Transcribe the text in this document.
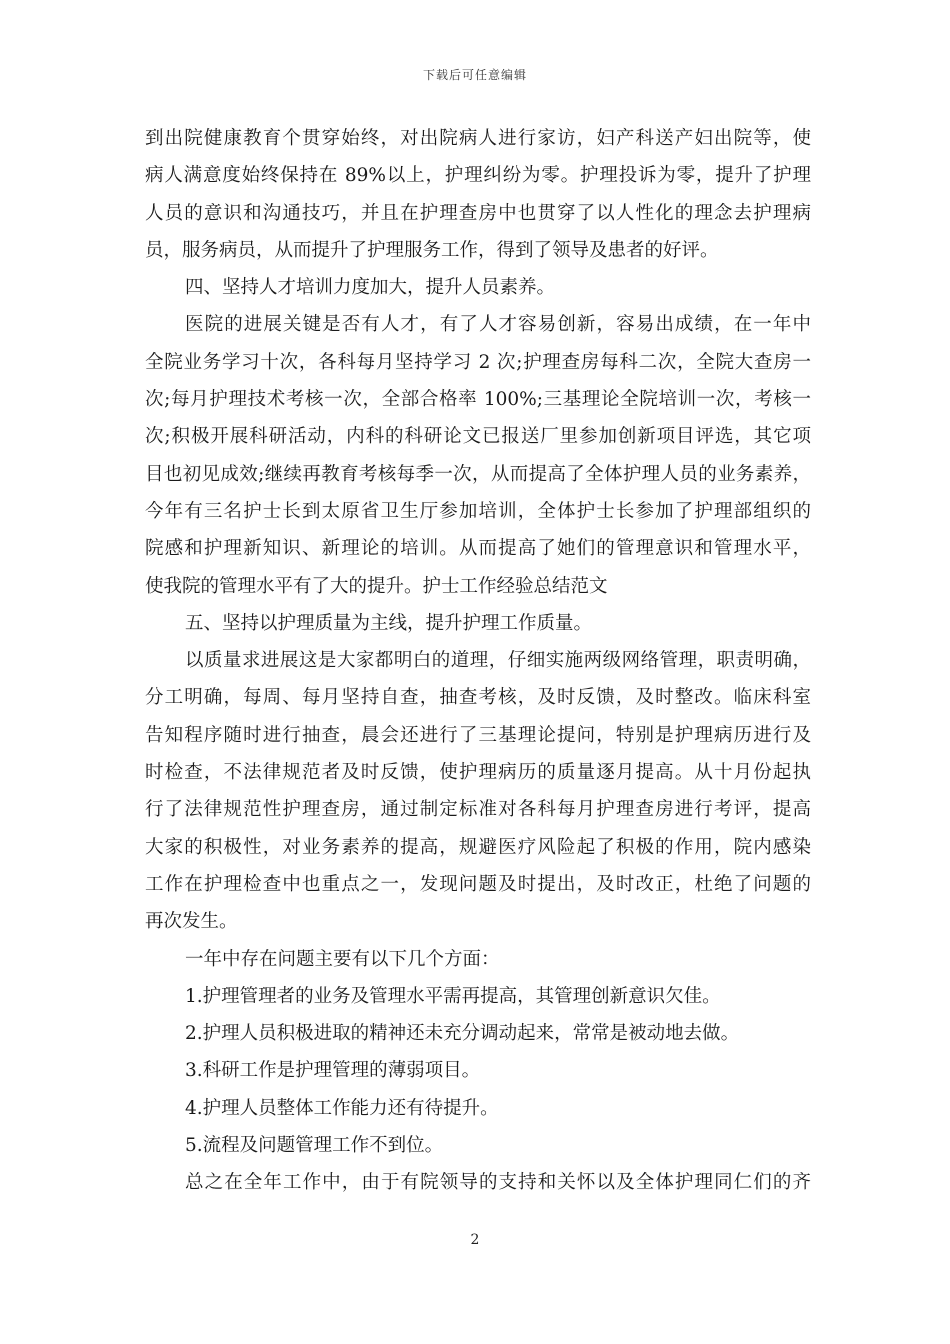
下载后可任意编辑
到出院健康教育个贯穿始终，对出院病人进行家访，妇产科送产妇出院等，使
病人满意度始终保持在 89%以上，护理纠纷为零。护理投诉为零，提升了护理
人员的意识和沟通技巧，并且在护理查房中也贯穿了以人性化的理念去护理病
员，服务病员，从而提升了护理服务工作，得到了领导及患者的好评。
四、坚持人才培训力度加大，提升人员素养。
医院的进展关键是否有人才，有了人才容易创新，容易出成绩，在一年中
全院业务学习十次，各科每月坚持学习 2 次;护理查房每科二次，全院大查房一
次;每月护理技术考核一次，全部合格率 100%;三基理论全院培训一次，考核一
次;积极开展科研活动，内科的科研论文已报送厂里参加创新项目评选，其它项
目也初见成效;继续再教育考核每季一次，从而提高了全体护理人员的业务素养，
今年有三名护士长到太原省卫生厅参加培训，全体护士长参加了护理部组织的
院感和护理新知识、新理论的培训。从而提高了她们的管理意识和管理水平，
使我院的管理水平有了大的提升。护士工作经验总结范文
五、坚持以护理质量为主线，提升护理工作质量。
以质量求进展这是大家都明白的道理，仔细实施两级网络管理，职责明确，
分工明确，每周、每月坚持自查，抽查考核，及时反馈，及时整改。临床科室
告知程序随时进行抽查，晨会还进行了三基理论提问，特别是护理病历进行及
时检查，不法律规范者及时反馈，使护理病历的质量逐月提高。从十月份起执
行了法律规范性护理查房，通过制定标准对各科每月护理查房进行考评，提高
大家的积极性，对业务素养的提高，规避医疗风险起了积极的作用，院内感染
工作在护理检查中也重点之一，发现问题及时提出，及时改正，杜绝了问题的
再次发生。
一年中存在问题主要有以下几个方面：
1.护理管理者的业务及管理水平需再提高，其管理创新意识欠佳。
2.护理人员积极进取的精神还未充分调动起来，常常是被动地去做。
3.科研工作是护理管理的薄弱项目。
4.护理人员整体工作能力还有待提升。
5.流程及问题管理工作不到位。
总之在全年工作中，由于有院领导的支持和关怀以及全体护理同仁们的齐
2
